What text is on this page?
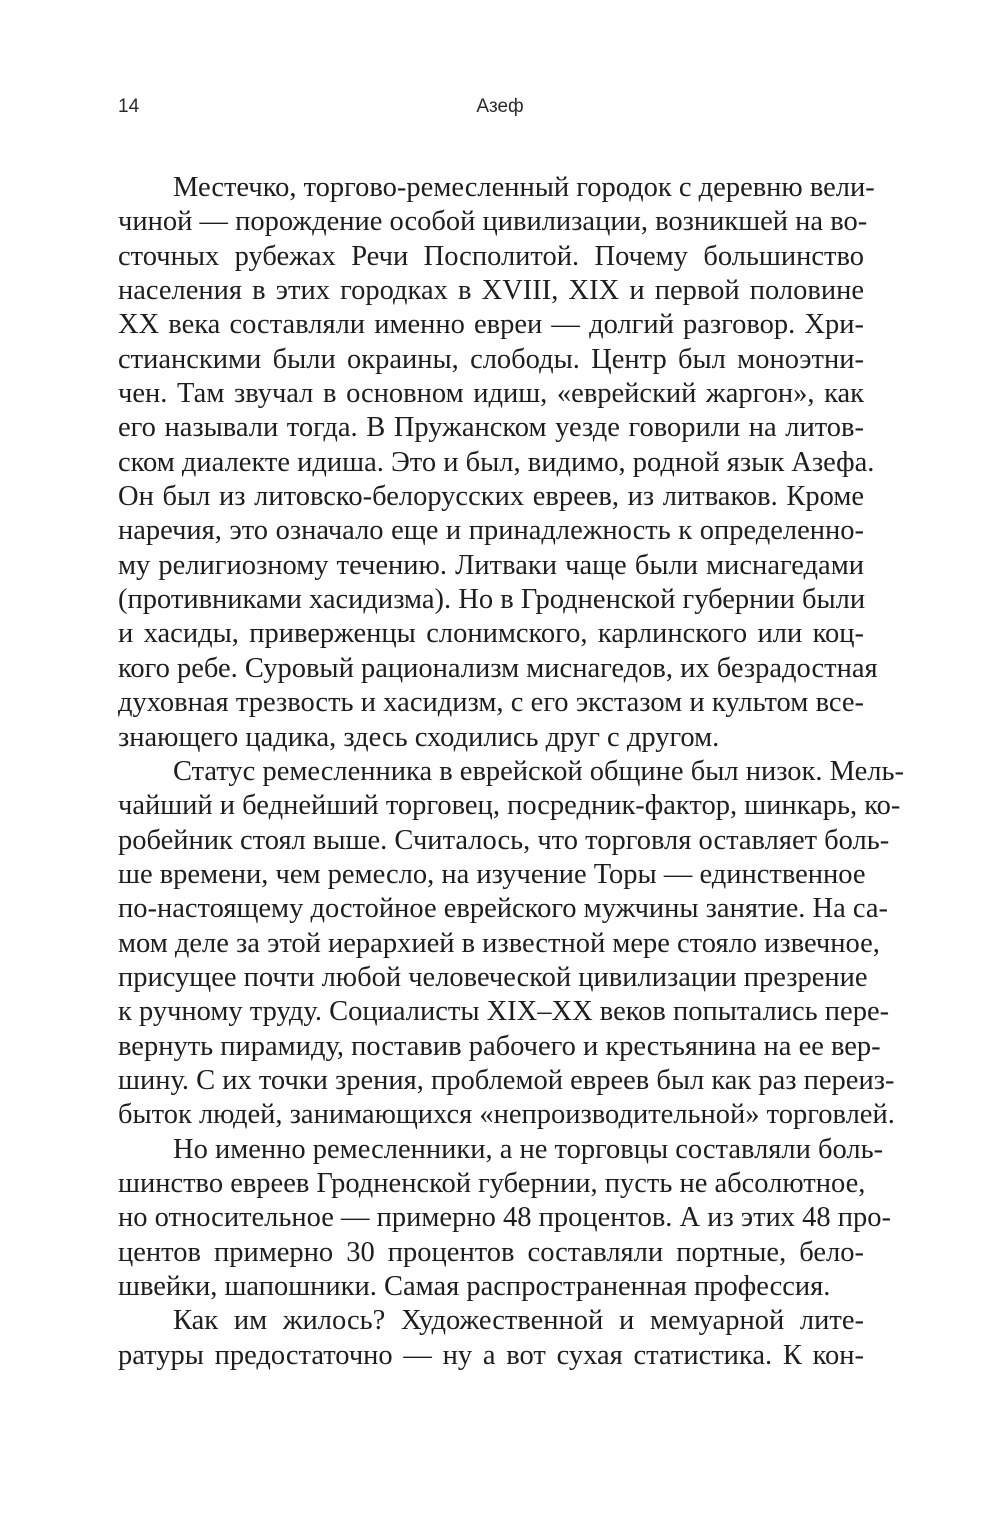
14	Азеф
Местечко, торгово-ремесленный городок с деревню вели-
чиной — порождение особой цивилизации, возникшей на во-
сточных рубежах Речи Посполитой. Почему большинство
населения в этих городках в XVIII, XIX и первой половине
XX века составляли именно евреи — долгий разговор. Хри-
стианскими были окраины, слободы. Центр был моноэтни-
чен. Там звучал в основном идиш, «еврейский жаргон», как
его называли тогда. В Пружанском уезде говорили на литов-
ском диалекте идиша. Это и был, видимо, родной язык Азефа.
Он был из литовско-белорусских евреев, из литваков. Кроме
наречия, это означало еще и принадлежность к определенно-
му религиозному течению. Литваки чаще были миснагедами
(противниками хасидизма). Но в Гродненской губернии были
и хасиды, приверженцы слонимского, карлинского или коц-
кого ребе. Суровый рационализм миснагедов, их безрадостная
духовная трезвость и хасидизм, с его экстазом и культом все-
знающего цадика, здесь сходились друг с другом.
Статус ремесленника в еврейской общине был низок. Мель-
чайший и беднейший торговец, посредник-фактор, шинкарь, ко-
робейник стоял выше. Считалось, что торговля оставляет боль-
ше времени, чем ремесло, на изучение Торы — единственное
по-настоящему достойное еврейского мужчины занятие. На са-
мом деле за этой иерархией в известной мере стояло извечное,
присущее почти любой человеческой цивилизации презрение
к ручному труду. Социалисты XIX–XX веков попытались пере-
вернуть пирамиду, поставив рабочего и крестьянина на ее вер-
шину. С их точки зрения, проблемой евреев был как раз переиз-
быток людей, занимающихся «непроизводительной» торговлей.
Но именно ремесленники, а не торговцы составляли боль-
шинство евреев Гродненской губернии, пусть не абсолютное,
но относительное — примерно 48 процентов. А из этих 48 про-
центов примерно 30 процентов составляли портные, бело-
швейки, шапошники. Самая распространенная профессия.
Как им жилось? Художественной и мемуарной лите-
ратуры предостаточно — ну а вот сухая статистика. К кон-
